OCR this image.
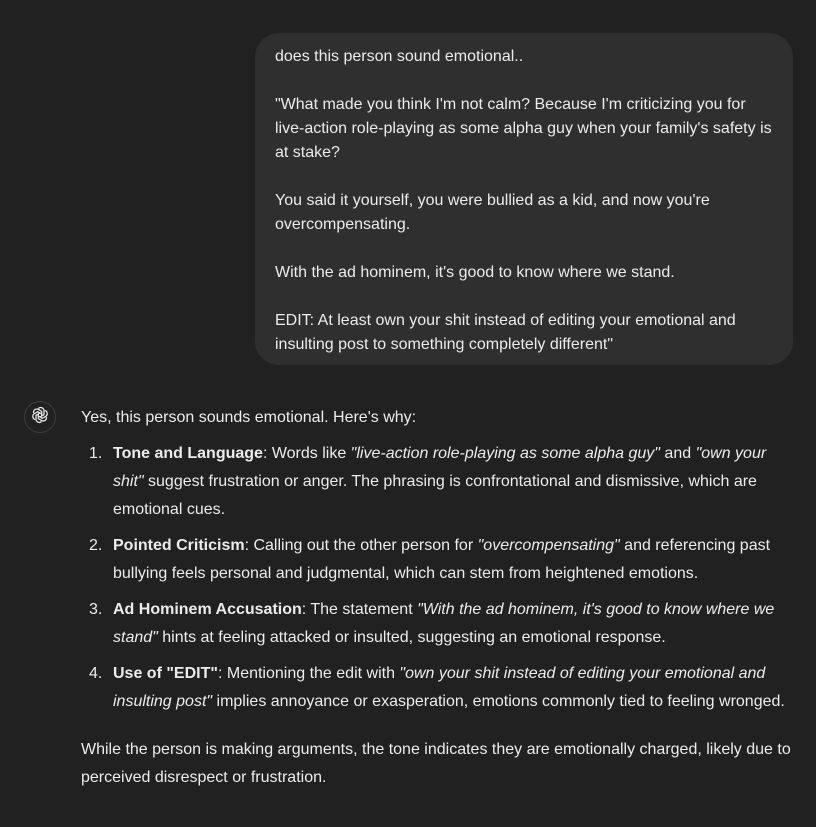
does this person sound emotional..

"What made you think I'm not calm? Because I'm criticizing you for live-action role-playing as some alpha guy when your family's safety is at stake?

You said it yourself, you were bullied as a kid, and now you're overcompensating.

With the ad hominem, it's good to know where we stand.

EDIT: At least own your shit instead of editing your emotional and insulting post to something completely different"

Yes, this person sounds emotional. Here's why:

1. Tone and Language: Words like "live-action role-playing as some alpha guy" and "own your shit" suggest frustration or anger. The phrasing is confrontational and dismissive, which are emotional cues.
2. Pointed Criticism: Calling out the other person for "overcompensating" and referencing past bullying feels personal and judgmental, which can stem from heightened emotions.
3. Ad Hominem Accusation: The statement "With the ad hominem, it's good to know where we stand" hints at feeling attacked or insulted, suggesting an emotional response.
4. Use of "EDIT": Mentioning the edit with "own your shit instead of editing your emotional and insulting post" implies annoyance or exasperation, emotions commonly tied to feeling wronged.

While the person is making arguments, the tone indicates they are emotionally charged, likely due to perceived disrespect or frustration.
